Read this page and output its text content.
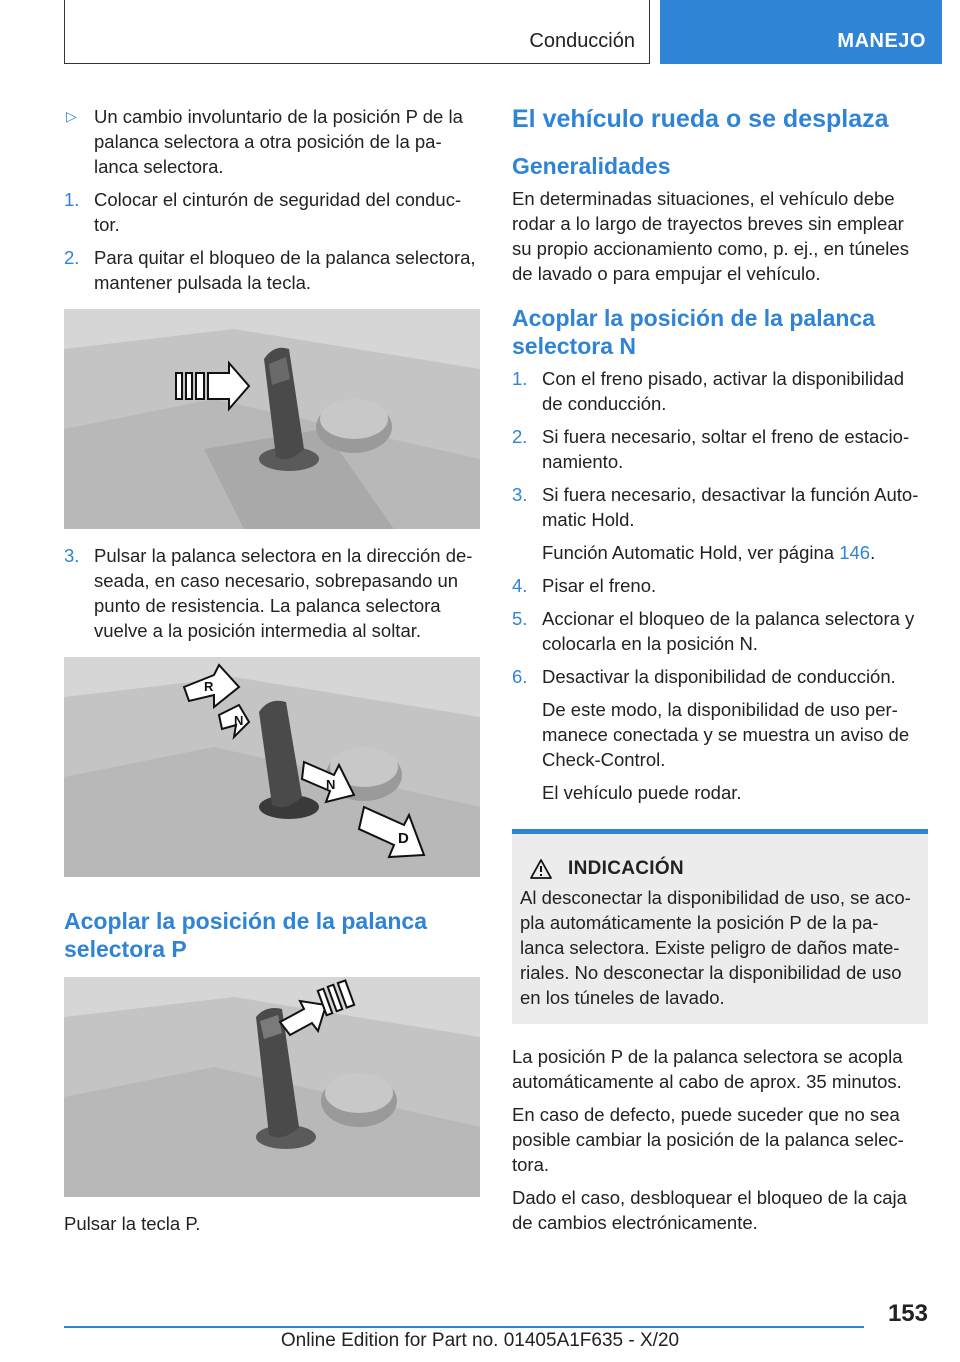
Conducción	MANEJO
▷ Un cambio involuntario de la posición P de la palanca selectora a otra posición de la pa‐lanca selectora.
1. Colocar el cinturón de seguridad del conduc‐tor.
2. Para quitar el bloqueo de la palanca selectora, mantener pulsada la tecla.
3. Pulsar la palanca selectora en la dirección de‐seada, en caso necesario, sobrepasando un punto de resistencia. La palanca selectora vuelve a la posición intermedia al soltar.
R
N
N
D
Acoplar la posición de la palanca selectora P

Pulsar la tecla P.

El vehículo rueda o se desplaza
Generalidades

En determinadas situaciones, el vehículo debe rodar a lo largo de trayectos breves sin emplear su propio accionamiento como, p. ej., en túneles de lavado o para empujar el vehículo.

Acoplar la posición de la palanca selectora N
1. Con el freno pisado, activar la disponibilidad de conducción.
2. Si fuera necesario, soltar el freno de estacio‐namiento.
3. Si fuera necesario, desactivar la función Auto‐matic Hold.
Función Automatic Hold, ver página 146.
4. Pisar el freno.
5. Accionar el bloqueo de la palanca selectora y colocarla en la posición N.
6. Desactivar la disponibilidad de conducción.

De este modo, la disponibilidad de uso per‐manece conectada y se muestra un aviso de Check-Control.

El vehículo puede rodar.

INDICACIÓN

Al desconectar la disponibilidad de uso, se aco‐pla automáticamente la posición P de la pa‐lanca selectora. Existe peligro de daños mate‐riales. No desconectar la disponibilidad de uso en los túneles de lavado.

La posición P de la palanca selectora se acopla automáticamente al cabo de aprox. 35 minutos.

En caso de defecto, puede suceder que no sea posible cambiar la posición de la palanca selec‐tora.

Dado el caso, desbloquear el bloqueo de la caja de cambios electrónicamente.

153
Online Edition for Part no. 01405A1F635 - X/20
